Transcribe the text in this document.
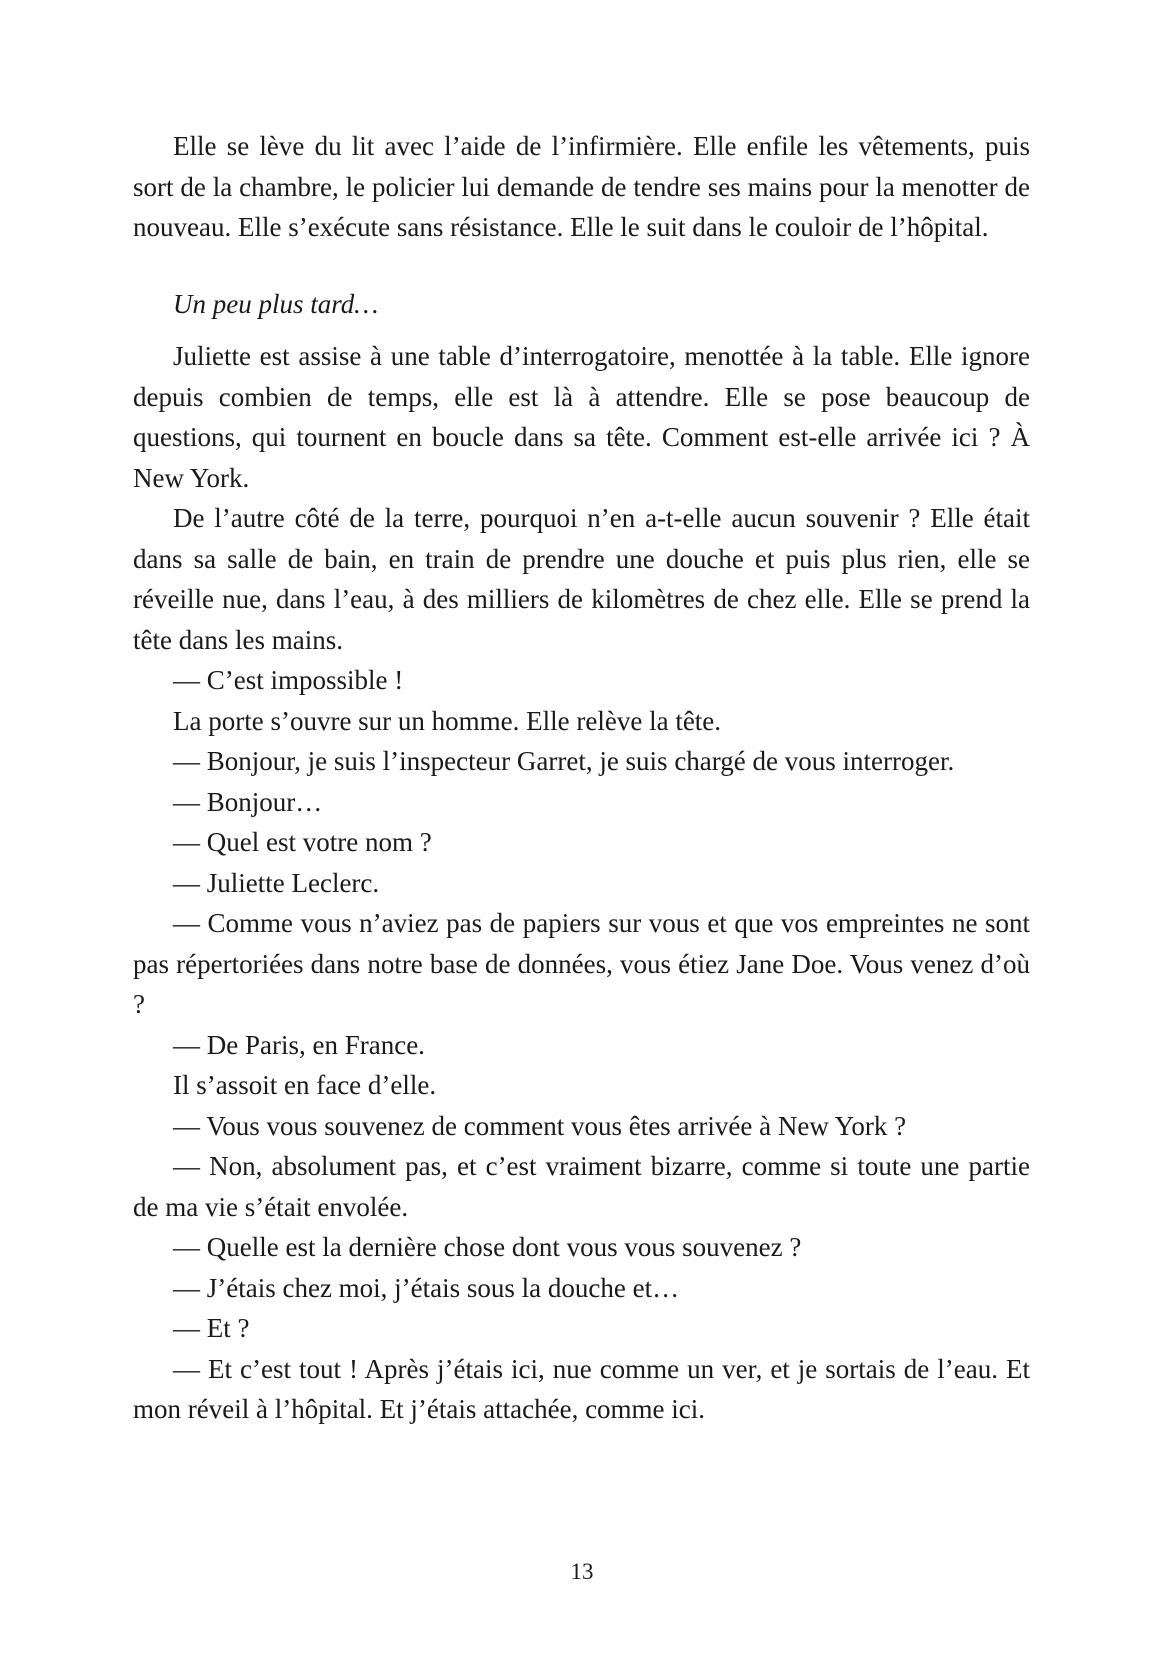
Elle se lève du lit avec l’aide de l’infirmière. Elle enfile les vêtements, puis sort de la chambre, le policier lui demande de tendre ses mains pour la menotter de nouveau. Elle s’exécute sans résistance. Elle le suit dans le couloir de l’hôpital.

Un peu plus tard…

Juliette est assise à une table d’interrogatoire, menottée à la table. Elle ignore depuis combien de temps, elle est là à attendre. Elle se pose beaucoup de questions, qui tournent en boucle dans sa tête. Comment est-elle arrivée ici ? À New York.

De l’autre côté de la terre, pourquoi n’en a-t-elle aucun souvenir ? Elle était dans sa salle de bain, en train de prendre une douche et puis plus rien, elle se réveille nue, dans l’eau, à des milliers de kilomètres de chez elle. Elle se prend la tête dans les mains.

— C’est impossible !

La porte s’ouvre sur un homme. Elle relève la tête.

— Bonjour, je suis l’inspecteur Garret, je suis chargé de vous interroger.

— Bonjour…

— Quel est votre nom ?

— Juliette Leclerc.

— Comme vous n’aviez pas de papiers sur vous et que vos empreintes ne sont pas répertoriées dans notre base de données, vous étiez Jane Doe. Vous venez d’où ?

— De Paris, en France.

Il s’assoit en face d’elle.

— Vous vous souvenez de comment vous êtes arrivée à New York ?

— Non, absolument pas, et c’est vraiment bizarre, comme si toute une partie de ma vie s’était envolée.

— Quelle est la dernière chose dont vous vous souvenez ?

— J’étais chez moi, j’étais sous la douche et…

— Et ?

— Et c’est tout ! Après j’étais ici, nue comme un ver, et je sortais de l’eau. Et mon réveil à l’hôpital. Et j’étais attachée, comme ici.

13
